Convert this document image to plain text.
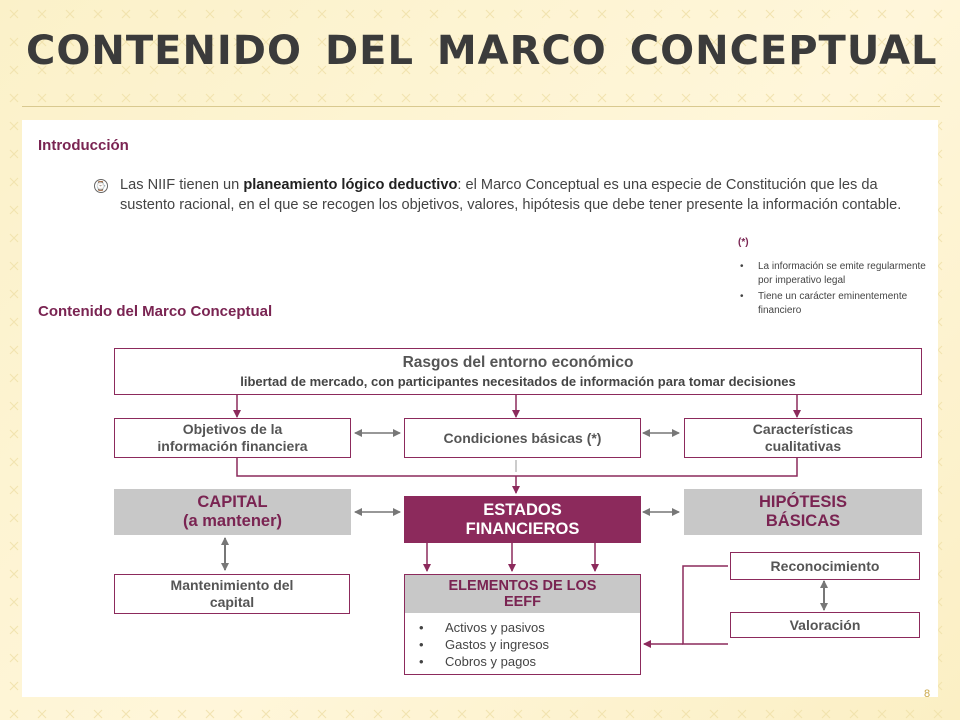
CONTENIDO DEL MARCO CONCEPTUAL
Introducción
⌚ Las NIIF tienen un planeamiento lógico deductivo: el Marco Conceptual es una especie de Constitución que les da sustento racional, en el que se recogen los objetivos, valores, hipótesis que debe tener presente la información contable.

(*)
• La información se emite regularmente por imperativo legal
• Tiene un carácter eminentemente financiero
Contenido del Marco Conceptual
Rasgos del entorno económico
libertad de mercado, con participantes necesitados de información para tomar decisiones
Objetivos de la
información financiera
Condiciones básicas (*)
Características
cualitativas
CAPITAL
(a mantener)
ESTADOS
FINANCIEROS
HIPÓTESIS
BÁSICAS
Mantenimiento del
capital
ELEMENTOS DE LOS
EEFF
• Activos y pasivos
• Gastos y ingresos
• Cobros y pagos
Reconocimiento
Valoración
8
